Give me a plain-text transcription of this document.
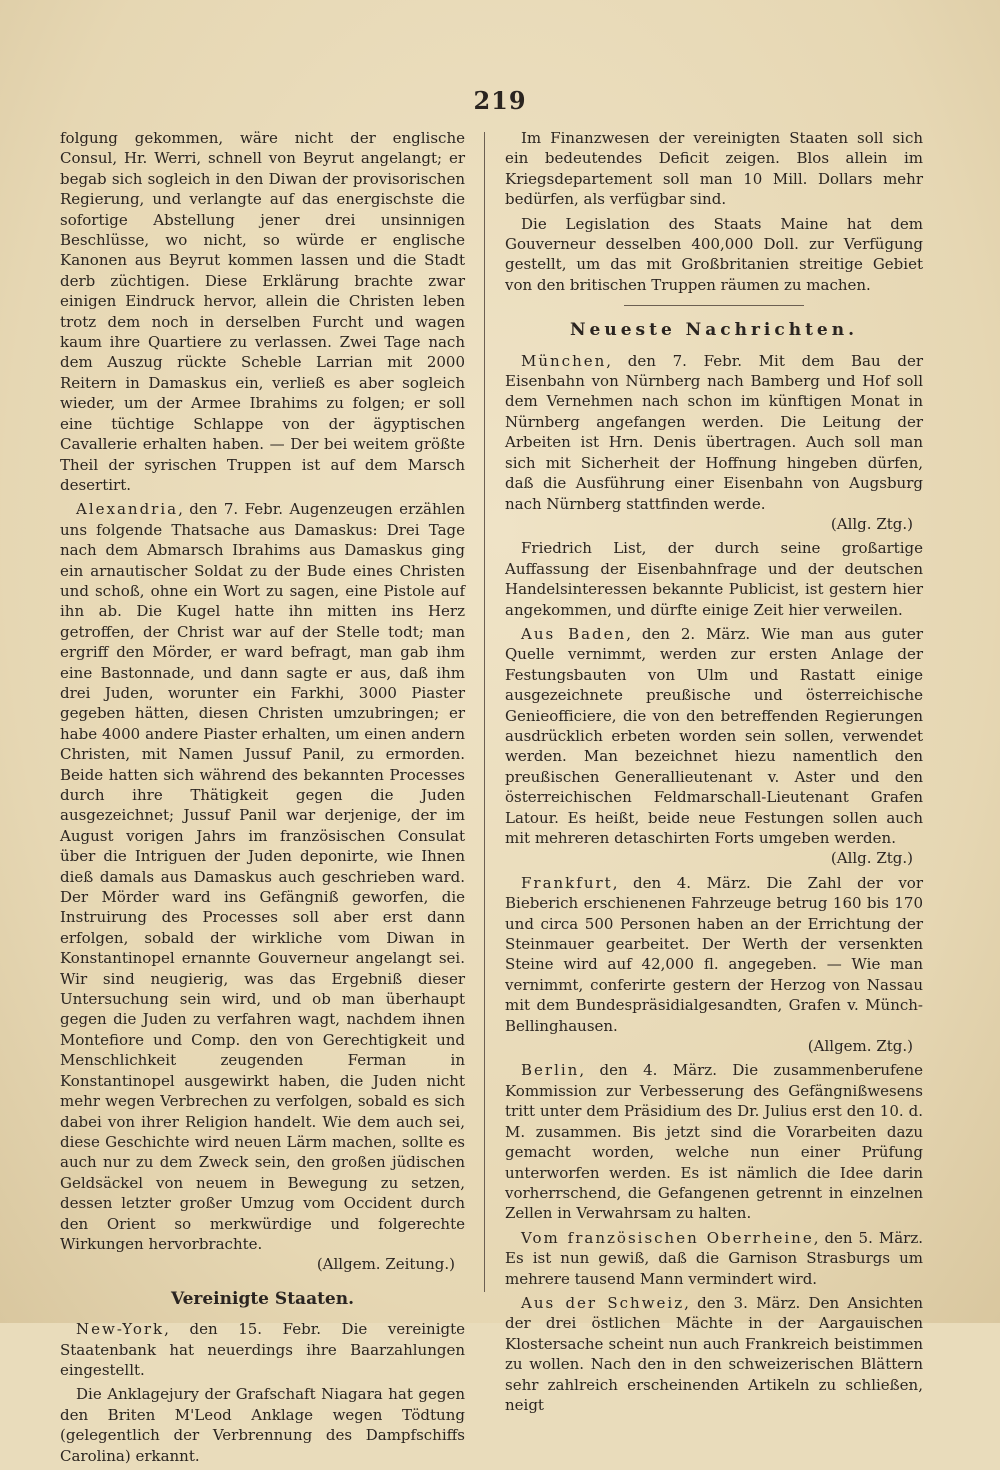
219

folgung gekommen, wäre nicht der englische Consul, Hr. Werri, schnell von Beyrut angelangt; er begab sich sogleich in den Diwan der provisorischen Regierung, und verlangte auf das energischste die sofortige Abstellung jener drei unsinnigen Beschlüsse, wo nicht, so würde er englische Kanonen aus Beyrut kommen lassen und die Stadt derb züchtigen. Diese Erklärung brachte zwar einigen Eindruck hervor, allein die Christen leben trotz dem noch in derselben Furcht und wagen kaum ihre Quartiere zu verlassen. Zwei Tage nach dem Auszug rückte Scheble Larrian mit 2000 Reitern in Damaskus ein, verließ es aber sogleich wieder, um der Armee Ibrahims zu folgen; er soll eine tüchtige Schlappe von der ägyptischen Cavallerie erhalten haben. — Der bei weitem größte Theil der syrischen Truppen ist auf dem Marsch desertirt.

Alexandria, den 7. Febr. Augenzeugen erzählen uns folgende Thatsache aus Damaskus: Drei Tage nach dem Abmarsch Ibrahims aus Damaskus ging ein arnautischer Soldat zu der Bude eines Christen und schoß, ohne ein Wort zu sagen, eine Pistole auf ihn ab. Die Kugel hatte ihn mitten ins Herz getroffen, der Christ war auf der Stelle todt; man ergriff den Mörder, er ward befragt, man gab ihm eine Bastonnade, und dann sagte er aus, daß ihm drei Juden, worunter ein Farkhi, 3000 Piaster gegeben hätten, diesen Christen umzubringen; er habe 4000 andere Piaster erhalten, um einen andern Christen, mit Namen Jussuf Panil, zu ermorden. Beide hatten sich während des bekannten Processes durch ihre Thätigkeit gegen die Juden ausgezeichnet; Jussuf Panil war derjenige, der im August vorigen Jahrs im französischen Consulat über die Intriguen der Juden deponirte, wie Ihnen dieß damals aus Damaskus auch geschrieben ward. Der Mörder ward ins Gefängniß geworfen, die Instruirung des Processes soll aber erst dann erfolgen, sobald der wirkliche vom Diwan in Konstantinopel ernannte Gouverneur angelangt sei. Wir sind neugierig, was das Ergebniß dieser Untersuchung sein wird, und ob man überhaupt gegen die Juden zu verfahren wagt, nachdem ihnen Montefiore und Comp. den von Gerechtigkeit und Menschlichkeit zeugenden Ferman in Konstantinopel ausgewirkt haben, die Juden nicht mehr wegen Verbrechen zu verfolgen, sobald es sich dabei von ihrer Religion handelt. Wie dem auch sei, diese Geschichte wird neuen Lärm machen, sollte es auch nur zu dem Zweck sein, den großen jüdischen Geldsäckel von neuem in Bewegung zu setzen, dessen letzter großer Umzug vom Occident durch den Orient so merkwürdige und folgerechte Wirkungen hervorbrachte.
(Allgem. Zeitung.)

Vereinigte Staaten.

New-York, den 15. Febr. Die vereinigte Staatenbank hat neuerdings ihre Baarzahlungen eingestellt.

Die Anklagejury der Grafschaft Niagara hat gegen den Briten M'Leod Anklage wegen Tödtung (gelegentlich der Verbrennung des Dampfschiffs Carolina) erkannt.

Im Finanzwesen der vereinigten Staaten soll sich ein bedeutendes Deficit zeigen. Blos allein im Kriegsdepartement soll man 10 Mill. Dollars mehr bedürfen, als verfügbar sind.

Die Legislation des Staats Maine hat dem Gouverneur desselben 400,000 Doll. zur Verfügung gestellt, um das mit Großbritanien streitige Gebiet von den britischen Truppen räumen zu machen.

Neueste Nachrichten.

München, den 7. Febr. Mit dem Bau der Eisenbahn von Nürnberg nach Bamberg und Hof soll dem Vernehmen nach schon im künftigen Monat in Nürnberg angefangen werden. Die Leitung der Arbeiten ist Hrn. Denis übertragen. Auch soll man sich mit Sicherheit der Hoffnung hingeben dürfen, daß die Ausführung einer Eisenbahn von Augsburg nach Nürnberg stattfinden werde.
(Allg. Ztg.)

Friedrich List, der durch seine großartige Auffassung der Eisenbahnfrage und der deutschen Handelsinteressen bekannte Publicist, ist gestern hier angekommen, und dürfte einige Zeit hier verweilen.

Aus Baden, den 2. März. Wie man aus guter Quelle vernimmt, werden zur ersten Anlage der Festungsbauten von Ulm und Rastatt einige ausgezeichnete preußische und österreichische Genieofficiere, die von den betreffenden Regierungen ausdrücklich erbeten worden sein sollen, verwendet werden. Man bezeichnet hiezu namentlich den preußischen Generallieutenant v. Aster und den österreichischen Feldmarschall-Lieutenant Grafen Latour. Es heißt, beide neue Festungen sollen auch mit mehreren detaschirten Forts umgeben werden.
(Allg. Ztg.)

Frankfurt, den 4. März. Die Zahl der vor Bieberich erschienenen Fahrzeuge betrug 160 bis 170 und circa 500 Personen haben an der Errichtung der Steinmauer gearbeitet. Der Werth der versenkten Steine wird auf 42,000 fl. angegeben. — Wie man vernimmt, conferirte gestern der Herzog von Nassau mit dem Bundespräsidialgesandten, Grafen v. Münch-Bellinghausen.
(Allgem. Ztg.)

Berlin, den 4. März. Die zusammenberufene Kommission zur Verbesserung des Gefängnißwesens tritt unter dem Präsidium des Dr. Julius erst den 10. d. M. zusammen. Bis jetzt sind die Vorarbeiten dazu gemacht worden, welche nun einer Prüfung unterworfen werden. Es ist nämlich die Idee darin vorherrschend, die Gefangenen getrennt in einzelnen Zellen in Verwahrsam zu halten.

Vom französischen Oberrheine, den 5. März. Es ist nun gewiß, daß die Garnison Strasburgs um mehrere tausend Mann vermindert wird.

Aus der Schweiz, den 3. März. Den Ansichten der drei östlichen Mächte in der Aargauischen Klostersache scheint nun auch Frankreich beistimmen zu wollen. Nach den in den schweizerischen Blättern sehr zahlreich erscheinenden Artikeln zu schließen, neigt
